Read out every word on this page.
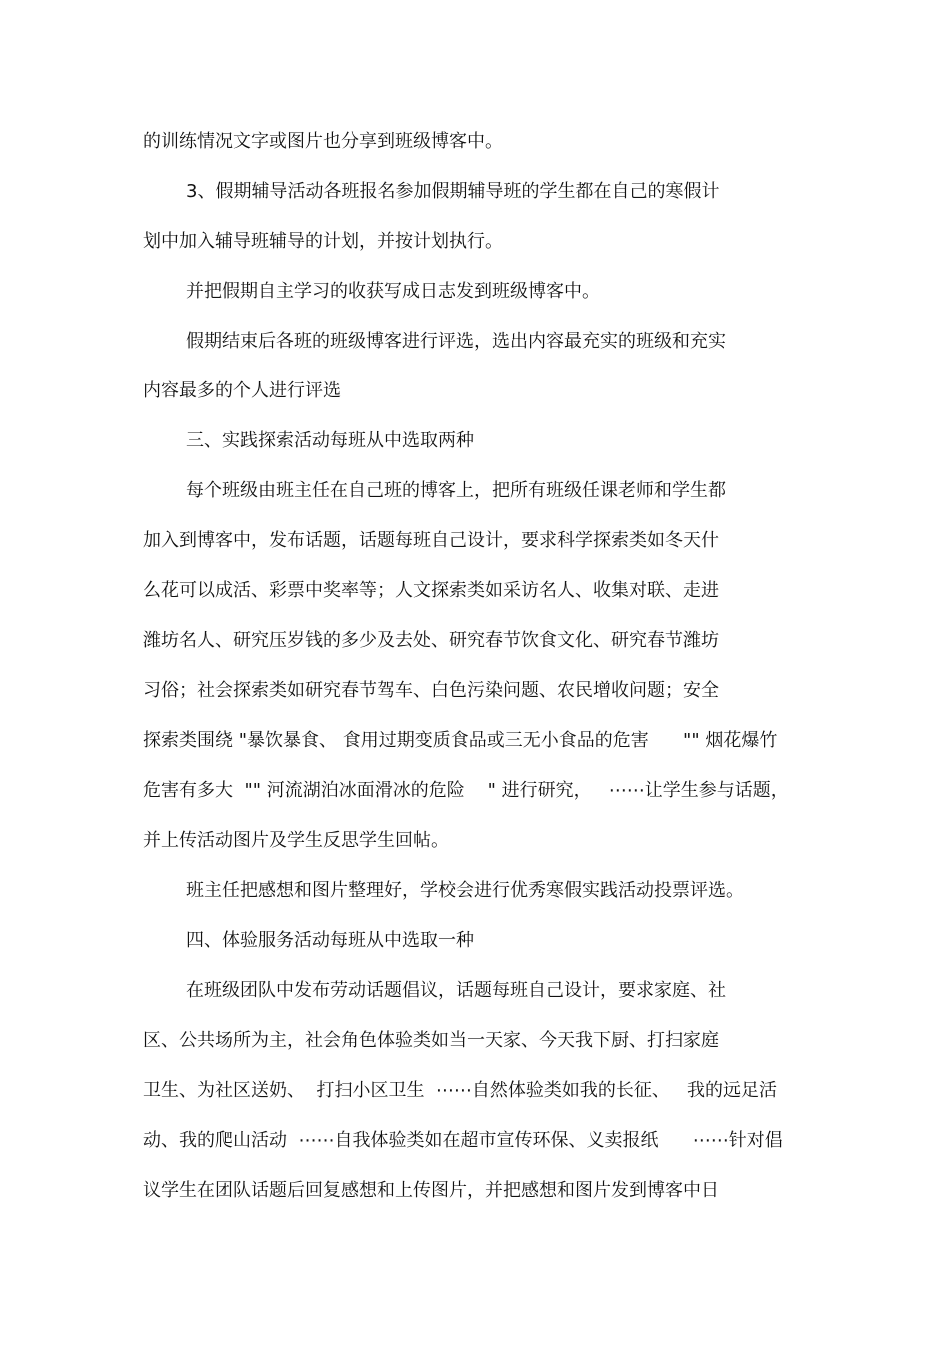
的训练情况文字或图片也分享到班级博客中。
3、假期辅导活动各班报名参加假期辅导班的学生都在自己的寒假计
划中加入辅导班辅导的计划，并按计划执行。
并把假期自主学习的收获写成日志发到班级博客中。
假期结束后各班的班级博客进行评选，选出内容最充实的班级和充实
内容最多的个人进行评选
三、实践探索活动每班从中选取两种
每个班级由班主任在自己班的博客上，把所有班级任课老师和学生都
加入到博客中，发布话题，话题每班自己设计，要求科学探索类如冬天什
么花可以成活、彩票中奖率等；人文探索类如采访名人、收集对联、走进
潍坊名人、研究压岁钱的多少及去处、研究春节饮食文化、研究春节潍坊
习俗；社会探索类如研究春节驾车、白色污染问题、农民增收问题；安全
探索类围绕 "暴饮暴食、 食用过期变质食品或三无小食品的危害      "" 烟花爆竹
危害有多大  "" 河流湖泊冰面滑冰的危险    " 进行研究，   ⋯⋯让学生参与话题，
并上传活动图片及学生反思学生回帖。
班主任把感想和图片整理好，学校会进行优秀寒假实践活动投票评选。
四、体验服务活动每班从中选取一种
在班级团队中发布劳动话题倡议，话题每班自己设计，要求家庭、社
区、公共场所为主，社会角色体验类如当一天家、今天我下厨、打扫家庭
卫生、为社区送奶、  打扫小区卫生  ⋯⋯自然体验类如我的长征、   我的远足活
动、我的爬山活动  ⋯⋯自我体验类如在超市宣传环保、义卖报纸      ⋯⋯针对倡
议学生在团队话题后回复感想和上传图片，并把感想和图片发到博客中日
